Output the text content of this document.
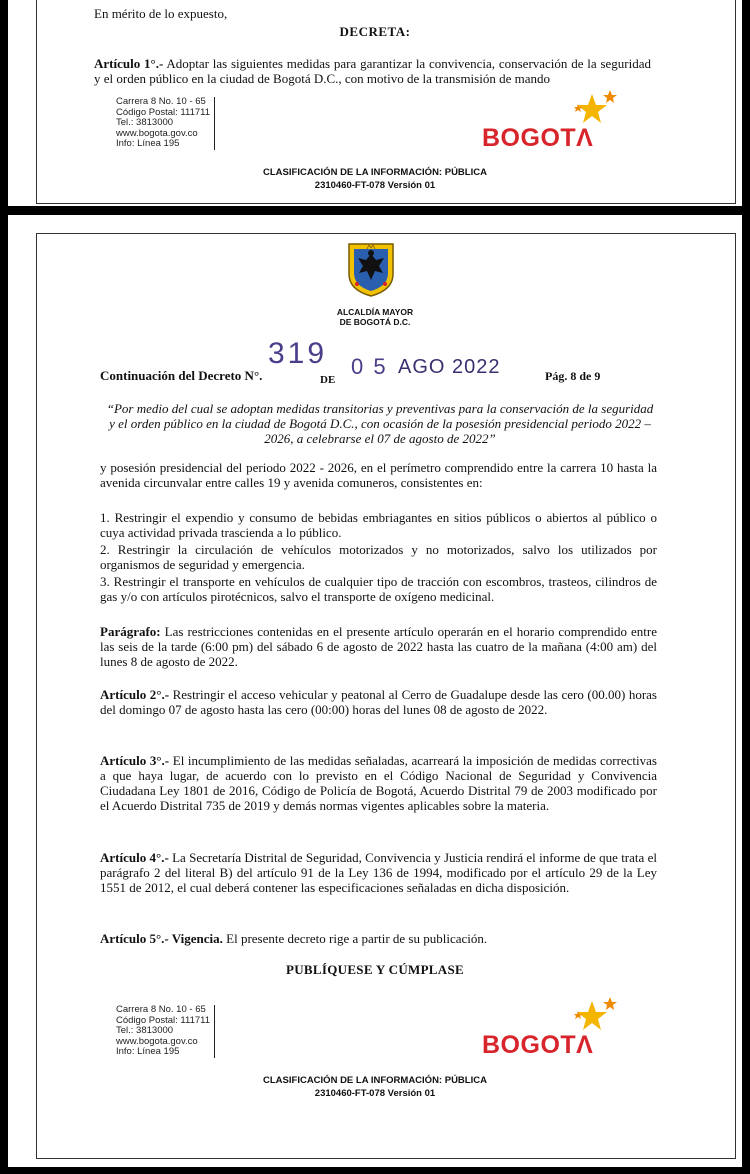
En mérito de lo expuesto,

DECRETA:

Artículo 1°.- Adoptar las siguientes medidas para garantizar la convivencia, conservación de la seguridad y el orden público en la ciudad de Bogotá D.C., con motivo de la transmisión de mando

Carrera 8 No. 10 - 65
Código Postal: 111711
Tel.: 3813000
www.bogota.gov.co
Info: Línea 195	BOGOTΛ
CLASIFICACIÓN DE LA INFORMACIÓN: PÚBLICA
2310460-FT-078 Versión 01
ALCALDÍA MAYOR
DE BOGOTÁ D.C.

Continuación del Decreto N°.

319
DE
0 5 AGO 2022	Pág. 8 de 9

“Por medio del cual se adoptan medidas transitorias y preventivas para la conservación de la seguridad y el orden público en la ciudad de Bogotá D.C., con ocasión de la posesión presidencial periodo 2022 – 2026, a celebrarse el 07 de agosto de 2022”

y posesión presidencial del periodo 2022 - 2026, en el perímetro comprendido entre la carrera 10 hasta la avenida circunvalar entre calles 19 y avenida comuneros, consistentes en:

1. Restringir el expendio y consumo de bebidas embriagantes en sitios públicos o abiertos al público o cuya actividad privada trascienda a lo público.

2. Restringir la circulación de vehículos motorizados y no motorizados, salvo los utilizados por organismos de seguridad y emergencia.

3. Restringir el transporte en vehículos de cualquier tipo de tracción con escombros, trasteos, cilindros de gas y/o con artículos pirotécnicos, salvo el transporte de oxígeno medicinal.

Parágrafo: Las restricciones contenidas en el presente artículo operarán en el horario comprendido entre las seis de la tarde (6:00 pm) del sábado 6 de agosto de 2022 hasta las cuatro de la mañana (4:00 am) del lunes 8 de agosto de 2022.

Artículo 2°.- Restringir el acceso vehicular y peatonal al Cerro de Guadalupe desde las cero (00.00) horas del domingo 07 de agosto hasta las cero (00:00) horas del lunes 08 de agosto de 2022.

Artículo 3°.- El incumplimiento de las medidas señaladas, acarreará la imposición de medidas correctivas a que haya lugar, de acuerdo con lo previsto en el Código Nacional de Seguridad y Convivencia Ciudadana Ley 1801 de 2016, Código de Policía de Bogotá, Acuerdo Distrital 79 de 2003 modificado por el Acuerdo Distrital 735 de 2019 y demás normas vigentes aplicables sobre la materia.

Artículo 4°.- La Secretaría Distrital de Seguridad, Convivencia y Justicia rendirá el informe de que trata el parágrafo 2 del literal B) del artículo 91 de la Ley 136 de 1994, modificado por el artículo 29 de la Ley 1551 de 2012, el cual deberá contener las especificaciones señaladas en dicha disposición.

Artículo 5°.- Vigencia. El presente decreto rige a partir de su publicación.

PUBLÍQUESE Y CÚMPLASE

Carrera 8 No. 10 - 65
Código Postal: 111711
Tel.: 3813000
www.bogota.gov.co
Info: Línea 195	BOGOTΛ
CLASIFICACIÓN DE LA INFORMACIÓN: PÚBLICA
2310460-FT-078 Versión 01
